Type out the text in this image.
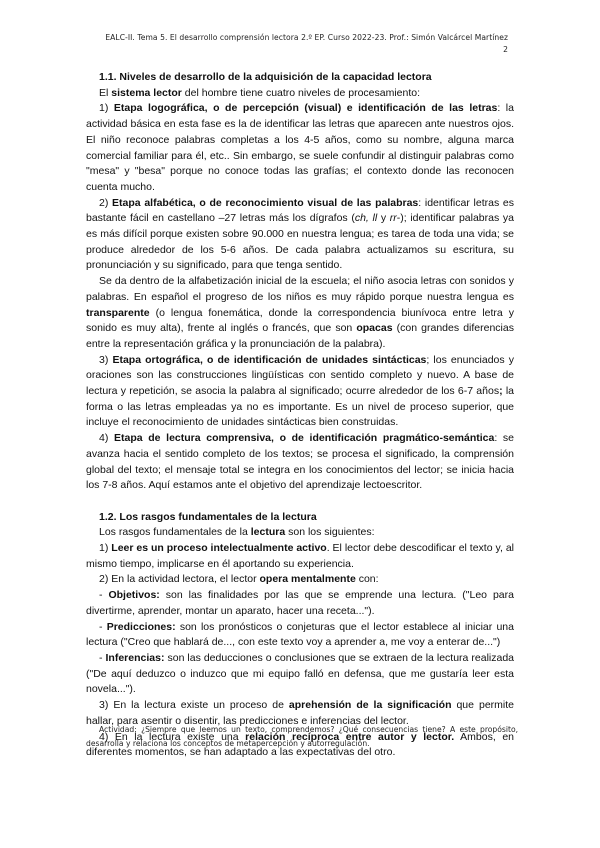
EALC-II. Tema 5. El desarrollo comprensión lectora 2.º EP. Curso 2022-23. Prof.: Simón Valcárcel Martínez
2
1.1. Niveles de desarrollo de la adquisición de la capacidad lectora

El sistema lector del hombre tiene cuatro niveles de procesamiento:

1) Etapa logográfica, o de percepción (visual) e identificación de las letras: la actividad básica en esta fase es la de identificar las letras que aparecen ante nuestros ojos. El niño reconoce palabras completas a los 4-5 años, como su nombre, alguna marca comercial familiar para él, etc.. Sin embargo, se suele confundir al distinguir palabras como "mesa" y "besa" porque no conoce todas las grafías; el contexto donde las reconocen cuenta mucho.

2) Etapa alfabética, o de reconocimiento visual de las palabras: identificar letras es bastante fácil en castellano –27 letras más los dígrafos (ch, ll y rr-); identificar palabras ya es más difícil porque existen sobre 90.000 en nuestra lengua; es tarea de toda una vida; se produce alrededor de los 5-6 años. De cada palabra actualizamos su escritura, su pronunciación y su significado, para que tenga sentido.

Se da dentro de la alfabetización inicial de la escuela; el niño asocia letras con sonidos y palabras. En español el progreso de los niños es muy rápido porque nuestra lengua es transparente (o lengua fonemática, donde la correspondencia biunívoca entre letra y sonido es muy alta), frente al inglés o francés, que son opacas (con grandes diferencias entre la representación gráfica y la pronunciación de la palabra).

3) Etapa ortográfica, o de identificación de unidades sintácticas; los enunciados y oraciones son las construcciones lingüísticas con sentido completo y nuevo. A base de lectura y repetición, se asocia la palabra al significado; ocurre alrededor de los 6-7 años; la forma o las letras empleadas ya no es importante. Es un nivel de proceso superior, que incluye el reconocimiento de unidades sintácticas bien construidas.

4) Etapa de lectura comprensiva, o de identificación pragmático-semántica: se avanza hacia el sentido completo de los textos; se procesa el significado, la comprensión global del texto; el mensaje total se integra en los conocimientos del lector; se inicia hacia los 7-8 años. Aquí estamos ante el objetivo del aprendizaje lectoescritor.

1.2. Los rasgos fundamentales de la lectura

Los rasgos fundamentales de la lectura son los siguientes:

1) Leer es un proceso intelectualmente activo. El lector debe descodificar el texto y, al mismo tiempo, implicarse en él aportando su experiencia.

2) En la actividad lectora, el lector opera mentalmente con:

- Objetivos: son las finalidades por las que se emprende una lectura. ("Leo para divertirme, aprender, montar un aparato, hacer una receta...").

- Predicciones: son los pronósticos o conjeturas que el lector establece al iniciar una lectura ("Creo que hablará de..., con este texto voy a aprender a, me voy a enterar de...")

- Inferencias: son las deducciones o conclusiones que se extraen de la lectura realizada ("De aquí deduzco o induzco que mi equipo falló en defensa, que me gustaría leer esta novela...").

3) En la lectura existe un proceso de aprehensión de la significación que permite hallar, para asentir o disentir, las predicciones e inferencias del lector.

4) En la lectura existe una relación recíproca entre autor y lector. Ambos, en diferentes momentos, se han adaptado a las expectativas del otro.

Actividad: ¿Siempre que leemos un texto, comprendemos? ¿Qué consecuencias tiene? A este propósito, desarrolla y relaciona los conceptos de metapercepción y autorregulación.
